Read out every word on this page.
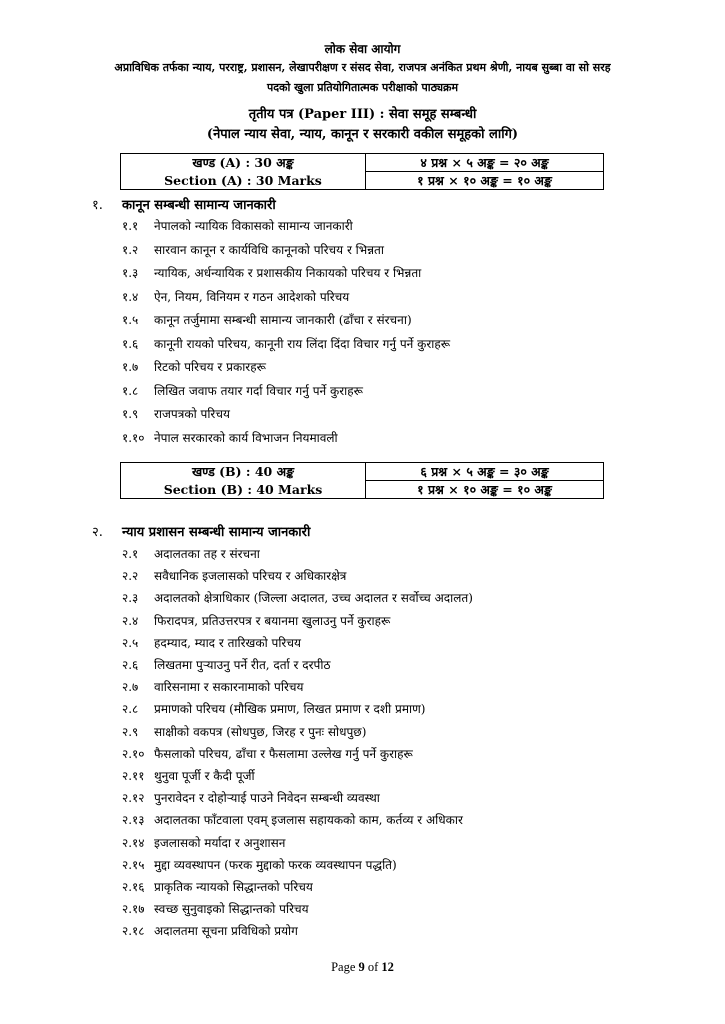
लोक सेवा आयोग
अप्राविधिक तर्फका न्याय, परराष्ट्र, प्रशासन, लेखापरीक्षण र संसद सेवा, राजपत्र अनंकित प्रथम श्रेणी, नायब सुब्बा वा सो सरह
पदको खुला प्रतियोगितात्मक परीक्षाको पाठ्यक्रम
तृतीय पत्र (Paper III) : सेवा समूह सम्बन्धी
(नेपाल न्याय सेवा, न्याय, कानून र सरकारी वकील समूहको लागि)
खण्ड (A) : 30 अङ्क	४ प्रश्न × ५ अङ्क = २० अङ्क
Section (A) : 30 Marks	१ प्रश्न × १० अङ्क = १० अङ्क
१. कानून सम्बन्धी सामान्य जानकारी
१.१ नेपालको न्यायिक विकासको सामान्य जानकारी
१.२ सारवान कानून र कार्यविधि कानूनको परिचय र भिन्नता
१.३ न्यायिक, अर्धन्यायिक र प्रशासकीय निकायको परिचय र भिन्नता
१.४ ऐन, नियम, विनियम र गठन आदेशको परिचय
१.५ कानून तर्जुमामा सम्बन्धी सामान्य जानकारी (ढाँचा र संरचना)
१.६ कानूनी रायको परिचय, कानूनी राय लिंदा दिंदा विचार गर्नु पर्ने कुराहरू
१.७ रिटको परिचय र प्रकारहरू
१.८ लिखित जवाफ तयार गर्दा विचार गर्नु पर्ने कुराहरू
१.९ राजपत्रको परिचय
१.१० नेपाल सरकारको कार्य विभाजन नियमावली
खण्ड (B) : 40 अङ्क	६ प्रश्न × ५ अङ्क = ३० अङ्क
Section (B) : 40 Marks	१ प्रश्न × १० अङ्क = १० अङ्क
२. न्याय प्रशासन सम्बन्धी सामान्य जानकारी
२.१ अदालतका तह र संरचना
२.२ सवैधानिक इजलासको परिचय र अधिकारक्षेत्र
२.३ अदालतको क्षेत्राधिकार (जिल्ला अदालत, उच्च अदालत र सर्वोच्च अदालत)
२.४ फिरादपत्र, प्रतिउत्तरपत्र र बयानमा खुलाउनु पर्ने कुराहरू
२.५ हदम्याद, म्याद र तारिखको परिचय
२.६ लिखतमा पुर्‍याउनु पर्ने रीत, दर्ता र दरपीठ
२.७ वारिसनामा र सकारनामाको परिचय
२.८ प्रमाणको परिचय (मौखिक प्रमाण, लिखत प्रमाण र दशी प्रमाण)
२.९ साक्षीको वकपत्र (सोधपुछ, जिरह र पुनः सोधपुछ)
२.१० फैसलाको परिचय, ढाँचा र फैसलामा उल्लेख गर्नु पर्ने कुराहरू
२.११ थुनुवा पूर्जी र कैदी पूर्जी
२.१२ पुनरावेदन र दोहोर्‍याई पाउने निवेदन सम्बन्धी व्यवस्था
२.१३ अदालतका फाँटवाला एवम् इजलास सहायकको काम, कर्तव्य र अधिकार
२.१४ इजलासको मर्यादा र अनुशासन
२.१५ मुद्दा व्यवस्थापन (फरक मुद्दाको फरक व्यवस्थापन पद्धति)
२.१६ प्राकृतिक न्यायको सिद्धान्तको परिचय
२.१७ स्वच्छ सुनुवाइको सिद्धान्तको परिचय
२.१८ अदालतमा सूचना प्रविधिको प्रयोग
Page 9 of 12
